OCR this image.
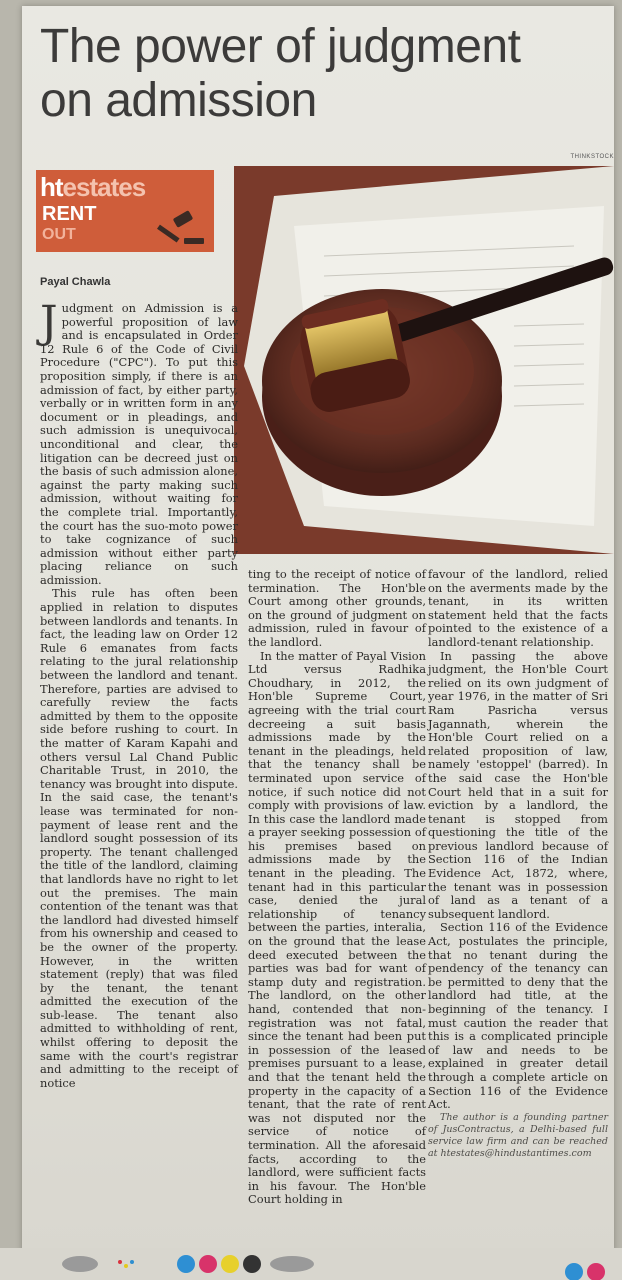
The power of judgment
on admission
THINKSTOCK
htestates
RENT
OUT
Payal Chawla

Judgment on Admission is a powerful proposition of law and is encapsulated in Order 12 Rule 6 of the Code of Civil Procedure ("CPC"). To put this proposition simply, if there is an admission of fact, by either party, verbally or in written form in any document or in pleadings, and such admission is unequivocal, unconditional and clear, the litigation can be decreed just on the basis of such admission alone, against the party making such admission, without waiting for the complete trial. Importantly, the court has the suo-moto power to take cognizance of such admission without either party placing reliance on such admission.

This rule has often been applied in relation to disputes between landlords and tenants. In fact, the leading law on Order 12 Rule 6 emanates from facts relating to the jural relationship between the landlord and tenant. Therefore, parties are advised to carefully review the facts admitted by them to the opposite side before rushing to court. In the matter of Karam Kapahi and others versul Lal Chand Public Charitable Trust, in 2010, the tenancy was brought into dispute. In the said case, the tenant's lease was terminated for non-payment of lease rent and the landlord sought possession of its property. The tenant challenged the title of the landlord, claiming that landlords have no right to let out the premises. The main contention of the tenant was that the landlord had divested himself from his ownership and ceased to be the owner of the property. However, in the written statement (reply) that was filed by the tenant, the tenant admitted the execution of the sub-lease. The tenant also admitted to withholding of rent, whilst offering to deposit the same with the court's registrar and admitting to the receipt of notice

ting to the receipt of notice of termination. The Hon'ble Court among other grounds, on the ground of judgment on admission, ruled in favour of the landlord.

In the matter of Payal Vision Ltd versus Radhika Choudhary, in 2012, the Hon'ble Supreme Court, agreeing with the trial court decreeing a suit basis admissions made by the tenant in the pleadings, held that the tenancy shall be terminated upon service of notice, if such notice did not comply with provisions of law. In this case the landlord made a prayer seeking possession of his premises based on admissions made by the tenant in the pleading. The tenant had in this particular case, denied the jural relationship of tenancy between the parties, interalia, on the ground that the lease deed executed between the parties was bad for want of stamp duty and registration. The landlord, on the other hand, contended that non-registration was not fatal, since the tenant had been put in possession of the leased premises pursuant to a lease, and that the tenant held the property in the capacity of a tenant, that the rate of rent was not disputed nor the service of notice of termination. All the aforesaid facts, according to the landlord, were sufficient facts in his favour. The Hon'ble Court holding in

favour of the landlord, relied on the averments made by the tenant, in its written statement held that the facts pointed to the existence of a landlord-tenant relationship.

In passing the above judgment, the Hon'ble Court relied on its own judgment of year 1976, in the matter of Sri Ram Pasricha versus Jagannath, wherein the Hon'ble Court relied on a related proposition of law, namely 'estoppel' (barred). In the said case the Hon'ble Court held that in a suit for eviction by a landlord, the tenant is stopped from questioning the title of the previous landlord because of Section 116 of the Indian Evidence Act, 1872, where, the tenant was in possession of land as a tenant of a subsequent landlord.

Section 116 of the Evidence Act, postulates the principle, that no tenant during the pendency of the tenancy can be permitted to deny that the landlord had title, at the beginning of the tenancy. I must caution the reader that this is a complicated principle of law and needs to be explained in greater detail through a complete article on Section 116 of the Evidence Act.

The author is a founding partner of JusContractus, a Delhi-based full service law firm and can be reached at htestates@hindustantimes.com
